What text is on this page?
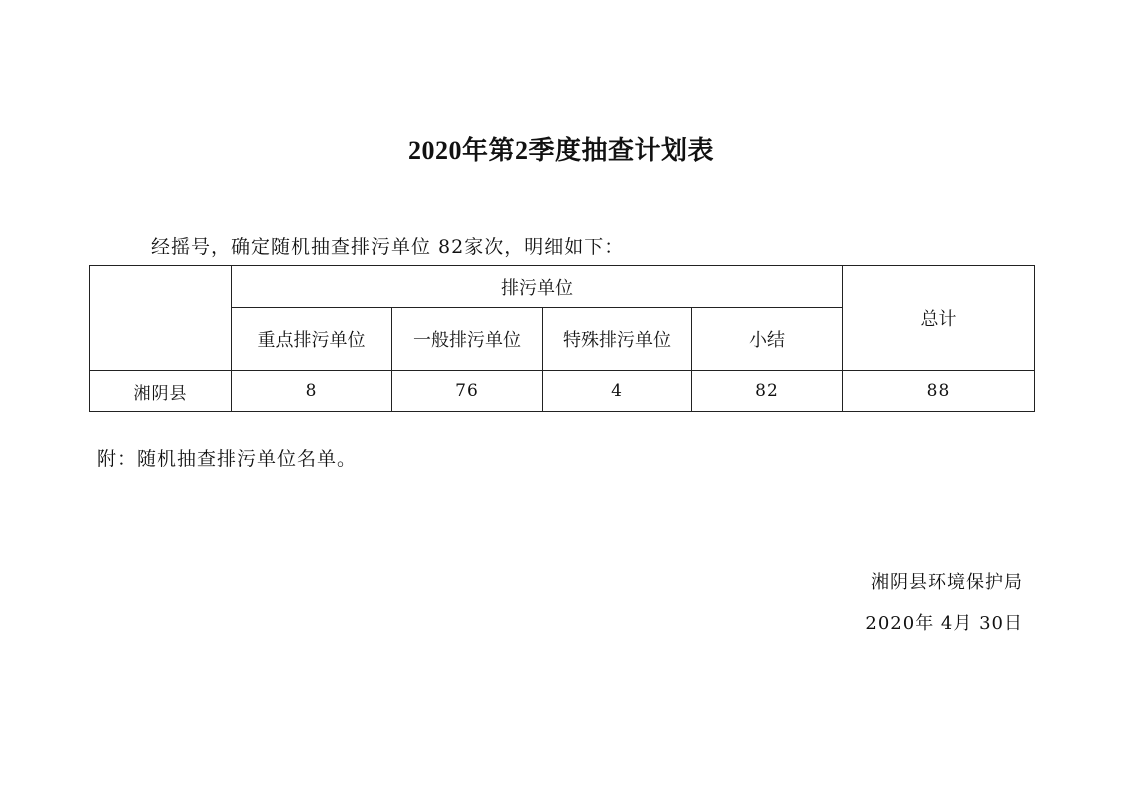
2020年第2季度抽查计划表
经摇号，确定随机抽查排污单位 82家次，明细如下：
	排污单位				总计
	重点排污单位	一般排污单位	特殊排污单位	小结	
湘阴县	8	76	4	82	88
附：随机抽查排污单位名单。
湘阴县环境保护局
2020年 4月 30日
